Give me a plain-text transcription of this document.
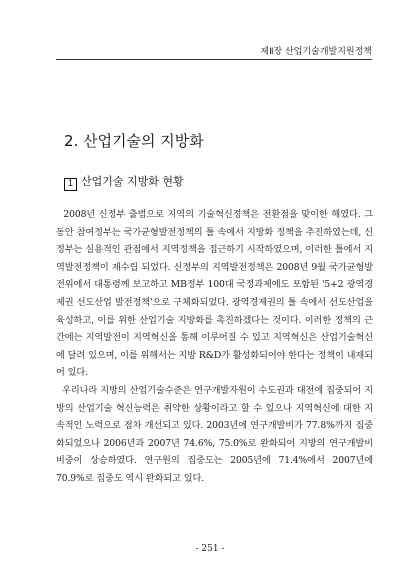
제Ⅱ장 산업기술개발지원정책
2. 산업기술의 지방화
1 산업기술 지방화 현황

2008년 신정부 출범으로 지역의 기술혁신정책은 전환점을 맞이한 해였다. 그동안 참여정부는 국가균형발전정책의 틀 속에서 지방화 정책을 추진하였는데, 신정부는 실용적인 관점에서 지역정책을 접근하기 시작하였으며, 이러한 틀에서 지역발전정책이 재수립 되었다. 신정부의 지역발전정책은 2008년 9월 국가균형발전위에서 대통령께 보고하고 MB정부 100대 국정과제에도 포함된 '5+2 광역경제권 선도산업 발전정책'으로 구체화되었다. 광역경제권의 틀 속에서 선도산업을 육성하고, 이를 위한 산업기술 지방화를 촉진하겠다는 것이다. 이러한 정책의 근간에는 지역발전이 지역혁신을 통해 이루어질 수 있고 지역혁신은 산업기술혁신에 달려 있으며, 이를 위해서는 지방 R&D가 활성화되어야 한다는 정책이 내재되어 있다.

우리나라 지방의 산업기술수준은 연구개발자원이 수도권과 대전에 집중되어 지방의 산업기술 혁신능력은 취약한 상황이라고 할 수 있으나 지역혁신에 대한 지속적인 노력으로 점차 개선되고 있다. 2003년에 연구개발비가 77.8%까지 집중화되었으나 2006년과 2007년 74.6%, 75.0%로 완화되어 지방의 연구개발비 비중이 상승하였다. 연구원의 집중도는 2005년에 71.4%에서 2007년에 70.9%로 집중도 역시 완화되고 있다.

- 251 -
